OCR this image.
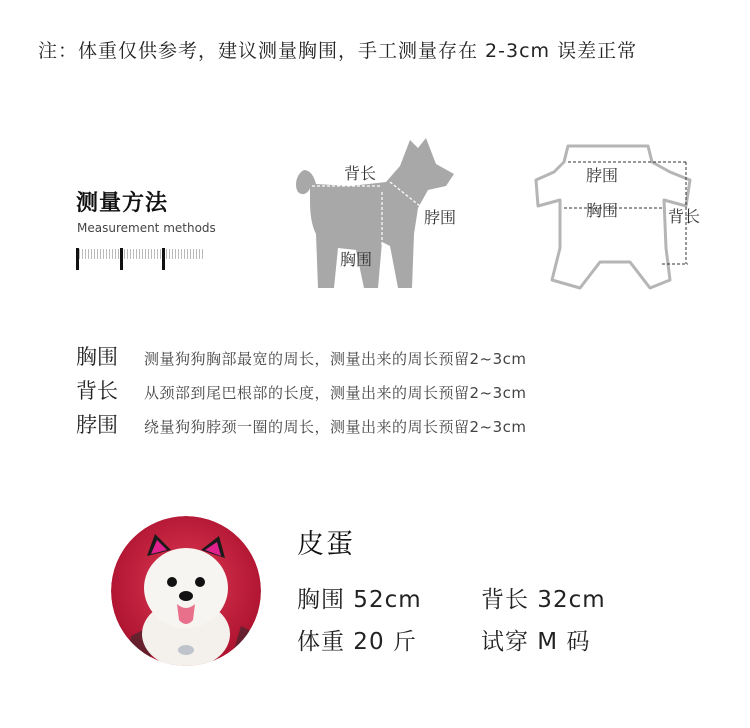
注：体重仅供参考，建议测量胸围，手工测量存在 2-3cm 误差正常
测量方法
Measurement methods
背长
脖围
胸围
脖围
胸围	背长
胸围 测量狗狗胸部最宽的周长，测量出来的周长预留2~3cm
背长 从颈部到尾巴根部的长度，测量出来的周长预留2~3cm
脖围 绕量狗狗脖颈一圈的周长，测量出来的周长预留2~3cm
皮蛋
胸围 52cm	背长 32cm
体重 20 斤	试穿 M 码
